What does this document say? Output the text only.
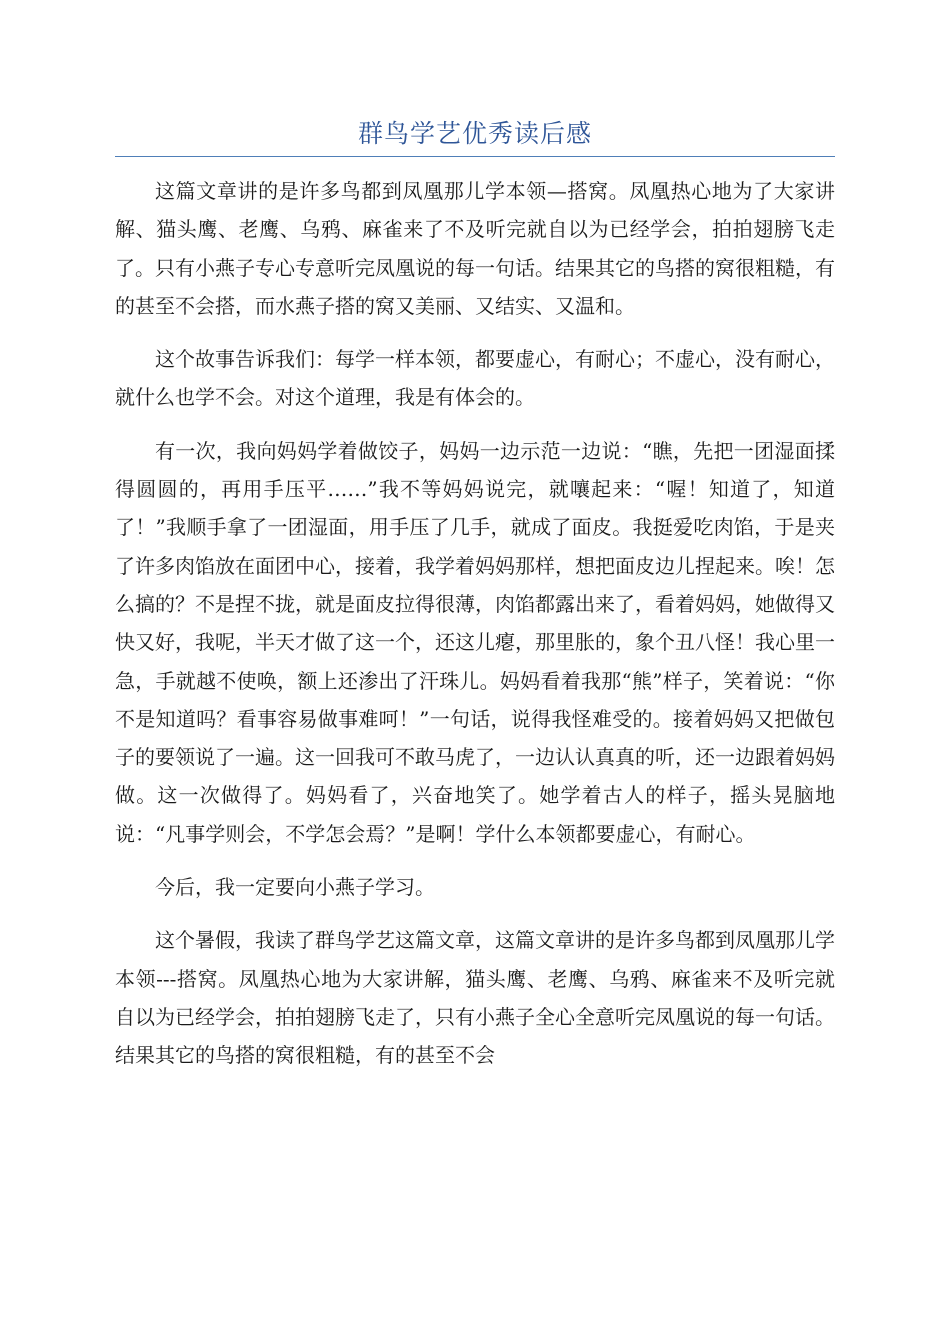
群鸟学艺优秀读后感

这篇文章讲的是许多鸟都到凤凰那儿学本领—搭窝。凤凰热心地为了大家讲解、猫头鹰、老鹰、乌鸦、麻雀来了不及听完就自以为已经学会，拍拍翅膀飞走了。只有小燕子专心专意听完凤凰说的每一句话。结果其它的鸟搭的窝很粗糙，有的甚至不会搭，而水燕子搭的窝又美丽、又结实、又温和。

这个故事告诉我们：每学一样本领，都要虚心，有耐心；不虚心，没有耐心，就什么也学不会。对这个道理，我是有体会的。

有一次，我向妈妈学着做饺子，妈妈一边示范一边说：“瞧，先把一团湿面揉得圆圆的，再用手压平……”我不等妈妈说完，就嚷起来：“喔！知道了，知道了！”我顺手拿了一团湿面，用手压了几手，就成了面皮。我挺爱吃肉馅，于是夹了许多肉馅放在面团中心，接着，我学着妈妈那样，想把面皮边儿捏起来。唉！怎么搞的？不是捏不拢，就是面皮拉得很薄，肉馅都露出来了，看着妈妈，她做得又快又好，我呢，半天才做了这一个，还这儿瘪，那里胀的，象个丑八怪！我心里一急，手就越不使唤，额上还渗出了汗珠儿。妈妈看着我那“熊”样子，笑着说：“你不是知道吗？看事容易做事难呵！”一句话，说得我怪难受的。接着妈妈又把做包子的要领说了一遍。这一回我可不敢马虎了，一边认认真真的听，还一边跟着妈妈做。这一次做得了。妈妈看了，兴奋地笑了。她学着古人的样子，摇头晃脑地说：“凡事学则会，不学怎会焉？”是啊！学什么本领都要虚心，有耐心。

今后，我一定要向小燕子学习。

这个暑假，我读了群鸟学艺这篇文章，这篇文章讲的是许多鸟都到凤凰那儿学本领---搭窝。凤凰热心地为大家讲解，猫头鹰、老鹰、乌鸦、麻雀来不及听完就自以为已经学会，拍拍翅膀飞走了，只有小燕子全心全意听完凤凰说的每一句话。结果其它的鸟搭的窝很粗糙，有的甚至不会
